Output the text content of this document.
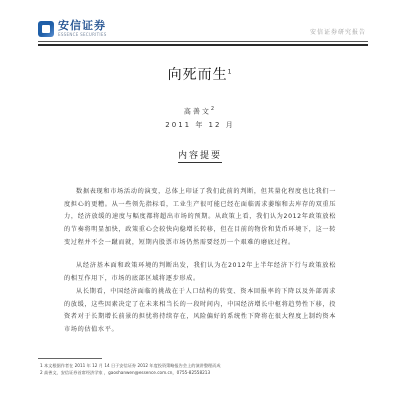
安信证券
ESSENCE SECURITIES	安信证券研究报告
向死而生$^1$
高善文$^2$
2011 年 12 月
内容提要

数据表现和市场活动的演变，总体上印证了我们此前的判断，但其量化程度也比我们一度担心的更糟。从一些领先指标看，工业生产很可能已经在面临需求萎缩和去库存的双重压力，经济放缓的速度与幅度都将超出市场的预期。从政策上看，我们认为2012年政策放松的节奏将明显加快，政策重心会较快向稳增长转移，但在目前的物价和货币环境下，这一转变过程并不会一蹴而就，短期内股票市场仍然需要经历一个艰难的磨底过程。

从经济基本面和政策环境的判断出发，我们认为在2012年上半年经济下行与政策放松的相互作用下，市场的底部区域将逐步形成。

从长期看，中国经济面临的挑战在于人口结构的转变、资本回报率的下降以及外部需求的放缓，这些因素决定了在未来相当长的一段时间内，中国经济增长中枢将趋势性下移，投资者对于长期增长前景的担忧将持续存在，风险偏好的系统性下降将在很大程度上制约资本市场的估值水平。

1 本文根据作者在 2011 年 12 月 14 日于安信证券 2012 年度投资策略报告会上的演讲整理而成
2 高善文，安信证券首席经济学家 ，gaoshanwen@essence.com.cn，0755-82558213
